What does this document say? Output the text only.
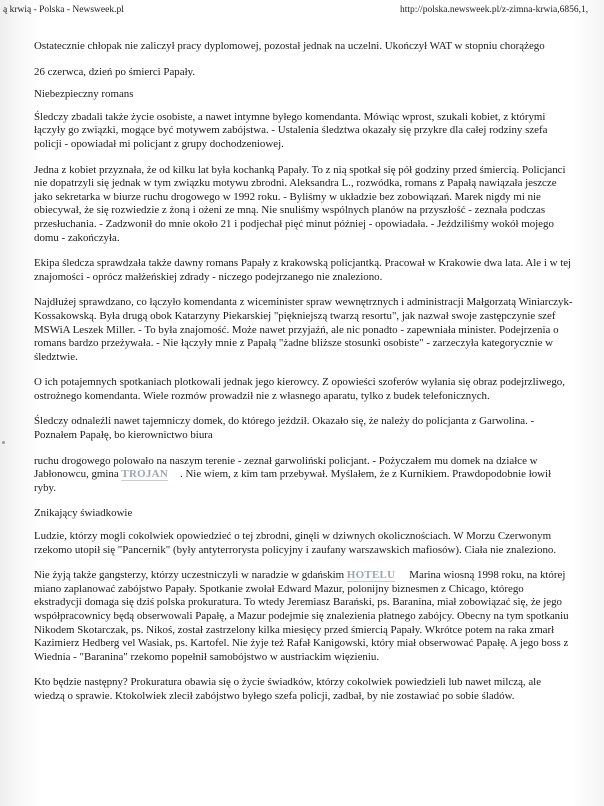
ą krwią - Polska - Newsweek.pl	http://polska.newsweek.pl/z-zimna-krwia,6856,1,

Ostatecznie chłopak nie zaliczył pracy dyplomowej, pozostał jednak na uczelni. Ukończył WAT w stopniu chorążego

26 czerwca, dzień po śmierci Papały.

Niebezpieczny romans

Śledczy zbadali także życie osobiste, a nawet intymne byłego komendanta. Mówiąc wprost, szukali kobiet, z którymi łączyły go związki, mogące być motywem zabójstwa. - Ustalenia śledztwa okazały się przykre dla całej rodziny szefa policji - opowiadał mi policjant z grupy dochodzeniowej.

Jedna z kobiet przyznała, że od kilku lat była kochanką Papały. To z nią spotkał się pół godziny przed śmiercią. Policjanci nie dopatrzyli się jednak w tym związku motywu zbrodni. Aleksandra L., rozwódka, romans z Papałą nawiązała jeszcze jako sekretarka w biurze ruchu drogowego w 1992 roku. - Byliśmy w układzie bez zobowiązań. Marek nigdy mi nie obiecywał, że się rozwiedzie z żoną i ożeni ze mną. Nie snuliśmy wspólnych planów na przyszłość - zeznała podczas przesłuchania. - Zadzwonił do mnie około 21 i podjechał pięć minut później - opowiadała. - Jeździliśmy wokół mojego domu - zakończyła.

Ekipa śledcza sprawdzała także dawny romans Papały z krakowską policjantką. Pracował w Krakowie dwa lata. Ale i w tej znajomości - oprócz małżeńskiej zdrady - niczego podejrzanego nie znaleziono.

Najdłużej sprawdzano, co łączyło komendanta z wiceminister spraw wewnętrznych i administracji Małgorzatą Winiarczyk-Kossakowską. Była drugą obok Katarzyny Piekarskiej "piękniejszą twarzą resortu", jak nazwał swoje zastępczynie szef MSWiA Leszek Miller. - To była znajomość. Może nawet przyjaźń, ale nic ponadto - zapewniała minister. Podejrzenia o romans bardzo przeżywała. - Nie łączyły mnie z Papałą "żadne bliższe stosunki osobiste" - zarzeczyła kategorycznie w śledztwie.

O ich potajemnych spotkaniach plotkowali jednak jego kierowcy. Z opowieści szoferów wyłania się obraz podejrzliwego, ostrożnego komendanta. Wiele rozmów prowadził nie z własnego aparatu, tylko z budek telefonicznych.

Śledczy odnaleźli nawet tajemniczy domek, do którego jeździł. Okazało się, że należy do policjanta z Garwolina. - Poznałem Papałę, bo kierownictwo biura

ruchu drogowego polowało na naszym terenie - zeznał garwoliński policjant. - Pożyczałem mu domek na działce w Jabłonowcu, gmina TROJAN . Nie wiem, z kim tam przebywał. Myślałem, że z Kurnikiem. Prawdopodobnie łowił ryby.

Znikający świadkowie

Ludzie, którzy mogli cokolwiek opowiedzieć o tej zbrodni, ginęli w dziwnych okolicznościach. W Morzu Czerwonym rzekomo utopił się "Pancernik" (były antyterrorysta policyjny i zaufany warszawskich mafiosów). Ciała nie znaleziono.

Nie żyją także gangsterzy, którzy uczestniczyli w naradzie w gdańskim HOTELU Marina wiosną 1998 roku, na której miano zaplanować zabójstwo Papały. Spotkanie zwołał Edward Mazur, polonijny biznesmen z Chicago, którego ekstradycji domaga się dziś polska prokuratura. To wtedy Jeremiasz Barański, ps. Baranina, miał zobowiązać się, że jego współpracownicy będą obserwowali Papałę, a Mazur podejmie się znalezienia płatnego zabójcy. Obecny na tym spotkaniu Nikodem Skotarczak, ps. Nikoś, został zastrzelony kilka miesięcy przed śmiercią Papały. Wkrótce potem na raka zmarł Kazimierz Hedberg vel Wasiak, ps. Kartofel. Nie żyje też Rafał Kanigowski, który miał obserwować Papałę. A jego boss z Wiednia - "Baranina" rzekomo popełnił samobójstwo w austriackim więzieniu.

Kto będzie następny? Prokuratura obawia się o życie świadków, którzy cokolwiek powiedzieli lub nawet milczą, ale wiedzą o sprawie. Ktokolwiek zlecił zabójstwo byłego szefa policji, zadbał, by nie zostawiać po sobie śladów.
